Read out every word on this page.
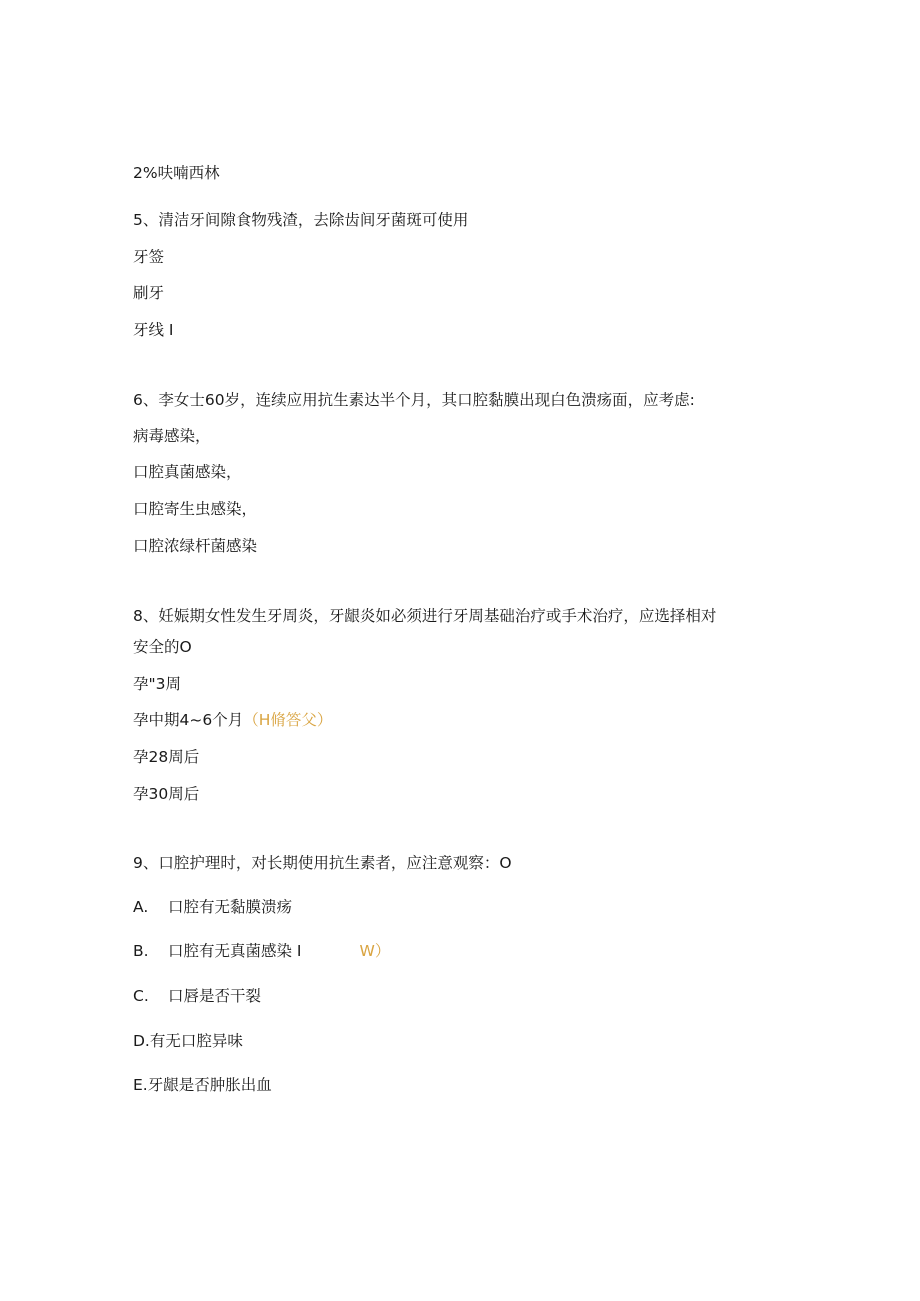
2%呋喃西林
5、清洁牙间隙食物残渣，去除齿间牙菌斑可使用
牙签
刷牙
牙线 I
6、李女士60岁，连续应用抗生素达半个月，其口腔黏膜出现白色溃疡面，应考虑:
病毒感染，
口腔真菌感染，
口腔寄生虫感染，
口腔浓绿杆菌感染
8、妊娠期女性发生牙周炎，牙龈炎如必须进行牙周基础治疗或手术治疗，应选择相对
安全的O
孕"3周
孕中期4~6个月（H脩答父）
孕28周后
孕30周后
9、口腔护理时，对长期使用抗生素者，应注意观察：O
A. 口腔有无黏膜溃疡
B. 口腔有无真菌感染 I	W）
C. 口唇是否干裂
D.有无口腔异味
E.牙龈是否肿胀出血
